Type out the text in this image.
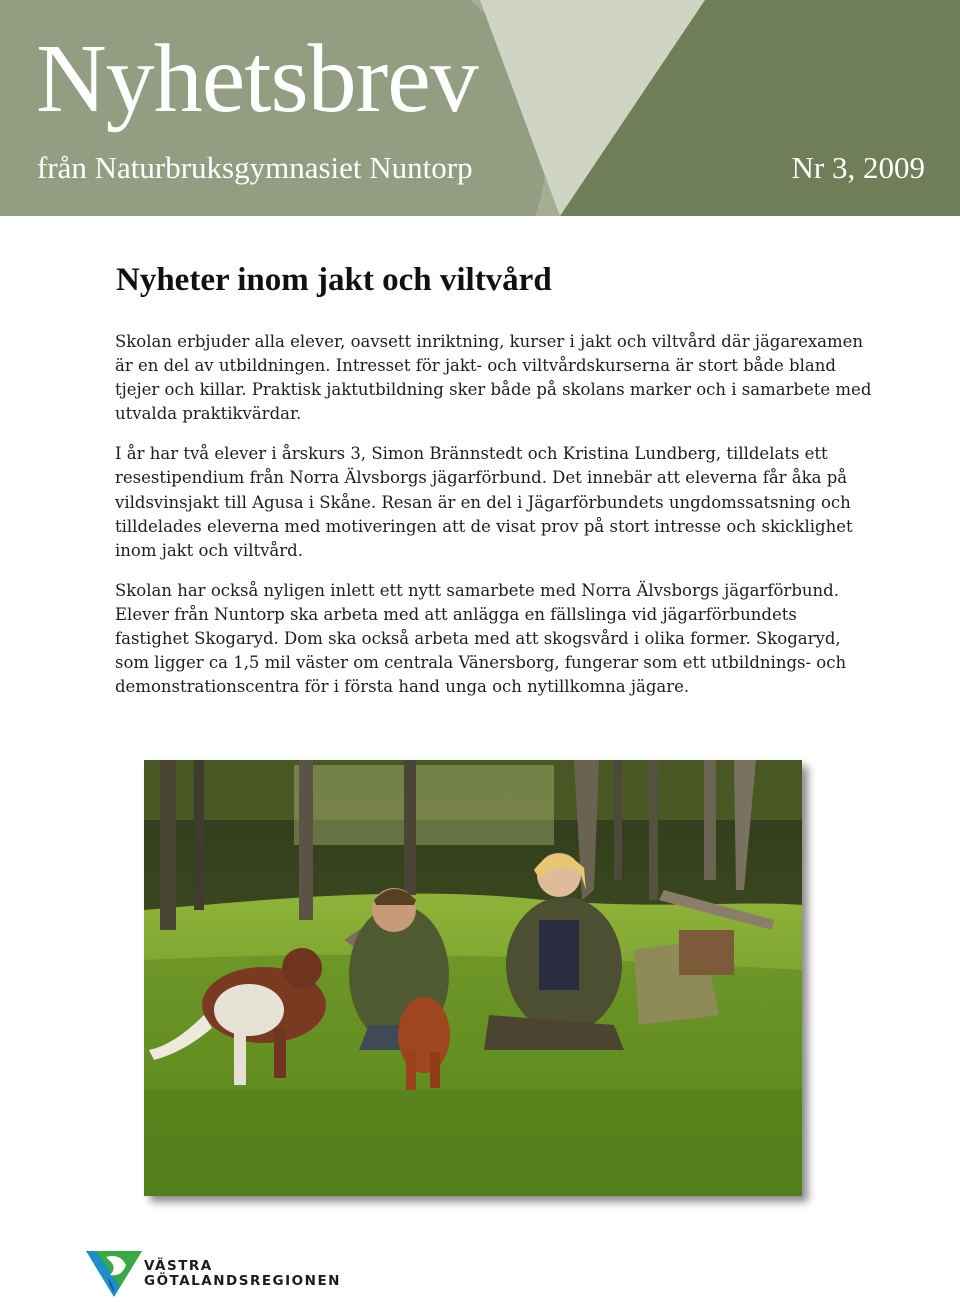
Nyhetsbrev
från Naturbruksgymnasiet Nuntorp	Nr 3, 2009
Nyheter inom jakt och viltvård

Skolan erbjuder alla elever, oavsett inriktning, kurser i jakt och viltvård där jägarexamen är en del av utbildningen. Intresset för jakt- och viltvårdskurserna är stort både bland tjejer och killar. Praktisk jaktutbildning sker både på skolans marker och i samarbete med utvalda praktikvärdar.

I år har två elever i årskurs 3, Simon Brännstedt och Kristina Lundberg, tilldelats ett resestipendium från Norra Älvsborgs jägarförbund. Det innebär att eleverna får åka på vildsvinsjakt till Agusa i Skåne. Resan är en del i Jägarförbundets ungdomssatsning och tilldelades eleverna med motiveringen att de visat prov på stort intresse och skicklighet inom jakt och viltvård.

Skolan har också nyligen inlett ett nytt samarbete med Norra Älvsborgs jägarförbund. Elever från Nuntorp ska arbeta med att anlägga en fällslinga vid jägarförbundets fastighet Skogaryd. Dom ska också arbeta med att skogsvård i olika former. Skogaryd, som ligger ca 1,5 mil väster om centrala Vänersborg, fungerar som ett utbildnings- och demonstrationscentra för i första hand unga och nytillkomna jägare.

VÄSTRA
GÖTALANDSREGIONEN
